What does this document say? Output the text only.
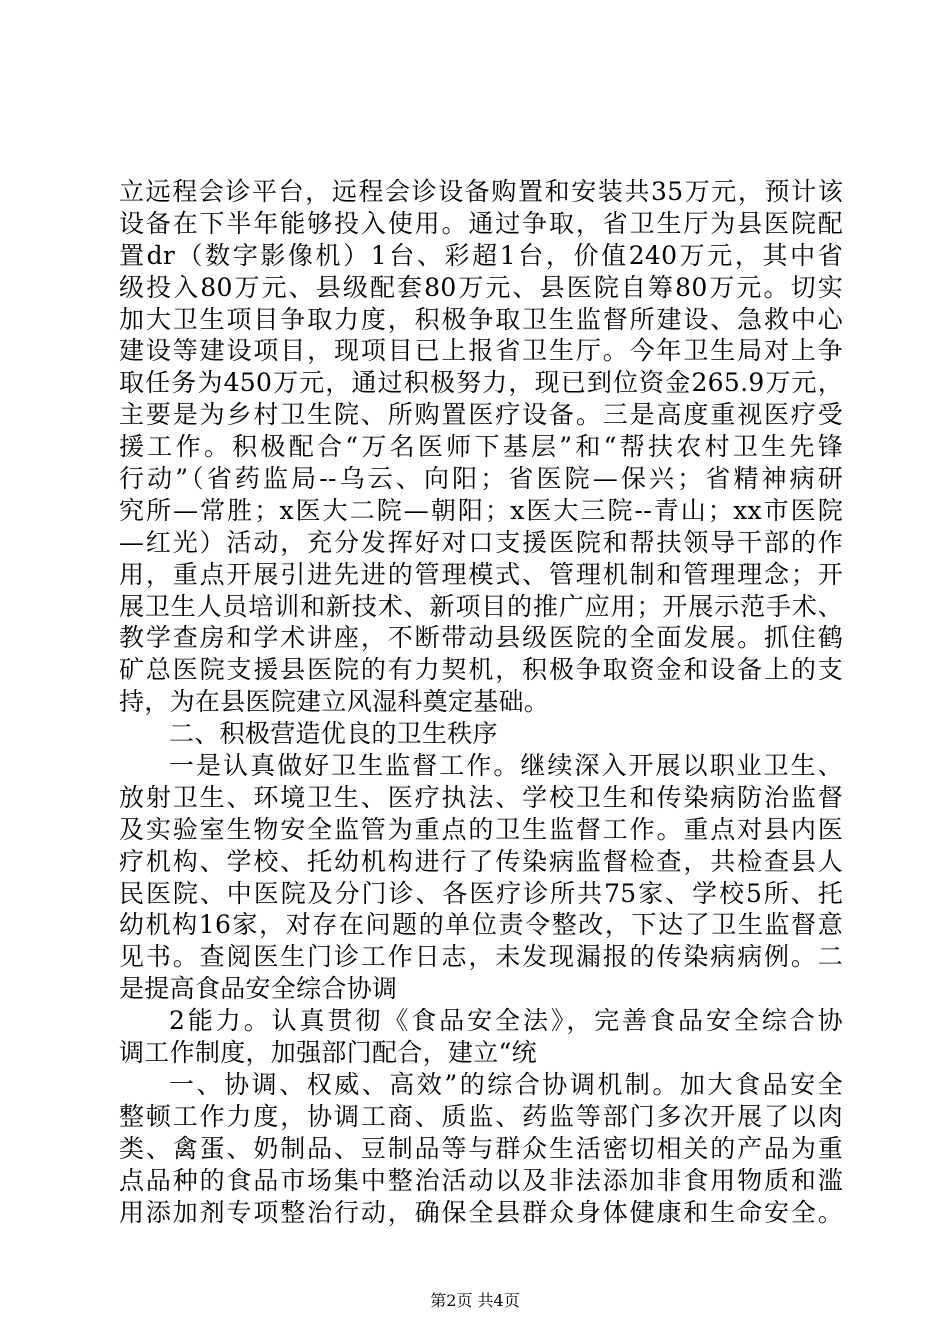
立远程会诊平台，远程会诊设备购置和安装共35万元，预计该
设备在下半年能够投入使用。通过争取，省卫生厅为县医院配
置dr（数字影像机）1台、彩超1台，价值240万元，其中省
级投入80万元、县级配套80万元、县医院自筹80万元。切实
加大卫生项目争取力度，积极争取卫生监督所建设、急救中心
建设等建设项目，现项目已上报省卫生厅。今年卫生局对上争
取任务为450万元，通过积极努力，现已到位资金265.9万元，
主要是为乡村卫生院、所购置医疗设备。三是高度重视医疗受
援工作。积极配合“万名医师下基层”和“帮扶农村卫生先锋
行动”（省药监局--乌云、向阳；省医院—保兴；省精神病研
究所—常胜；x医大二院—朝阳；x医大三院--青山；xx市医院
—红光）活动，充分发挥好对口支援医院和帮扶领导干部的作
用，重点开展引进先进的管理模式、管理机制和管理理念；开
展卫生人员培训和新技术、新项目的推广应用；开展示范手术、
教学查房和学术讲座，不断带动县级医院的全面发展。抓住鹤
矿总医院支援县医院的有力契机，积极争取资金和设备上的支
持，为在县医院建立风湿科奠定基础。
二、积极营造优良的卫生秩序
一是认真做好卫生监督工作。继续深入开展以职业卫生、
放射卫生、环境卫生、医疗执法、学校卫生和传染病防治监督
及实验室生物安全监管为重点的卫生监督工作。重点对县内医
疗机构、学校、托幼机构进行了传染病监督检查，共检查县人
民医院、中医院及分门诊、各医疗诊所共75家、学校5所、托
幼机构16家，对存在问题的单位责令整改，下达了卫生监督意
见书。查阅医生门诊工作日志，未发现漏报的传染病病例。二
是提高食品安全综合协调
2能力。认真贯彻《食品安全法》，完善食品安全综合协
调工作制度，加强部门配合，建立“统
一、协调、权威、高效”的综合协调机制。加大食品安全
整顿工作力度，协调工商、质监、药监等部门多次开展了以肉
类、禽蛋、奶制品、豆制品等与群众生活密切相关的产品为重
点品种的食品市场集中整治活动以及非法添加非食用物质和滥
用添加剂专项整治行动，确保全县群众身体健康和生命安全。
第2页 共4页
